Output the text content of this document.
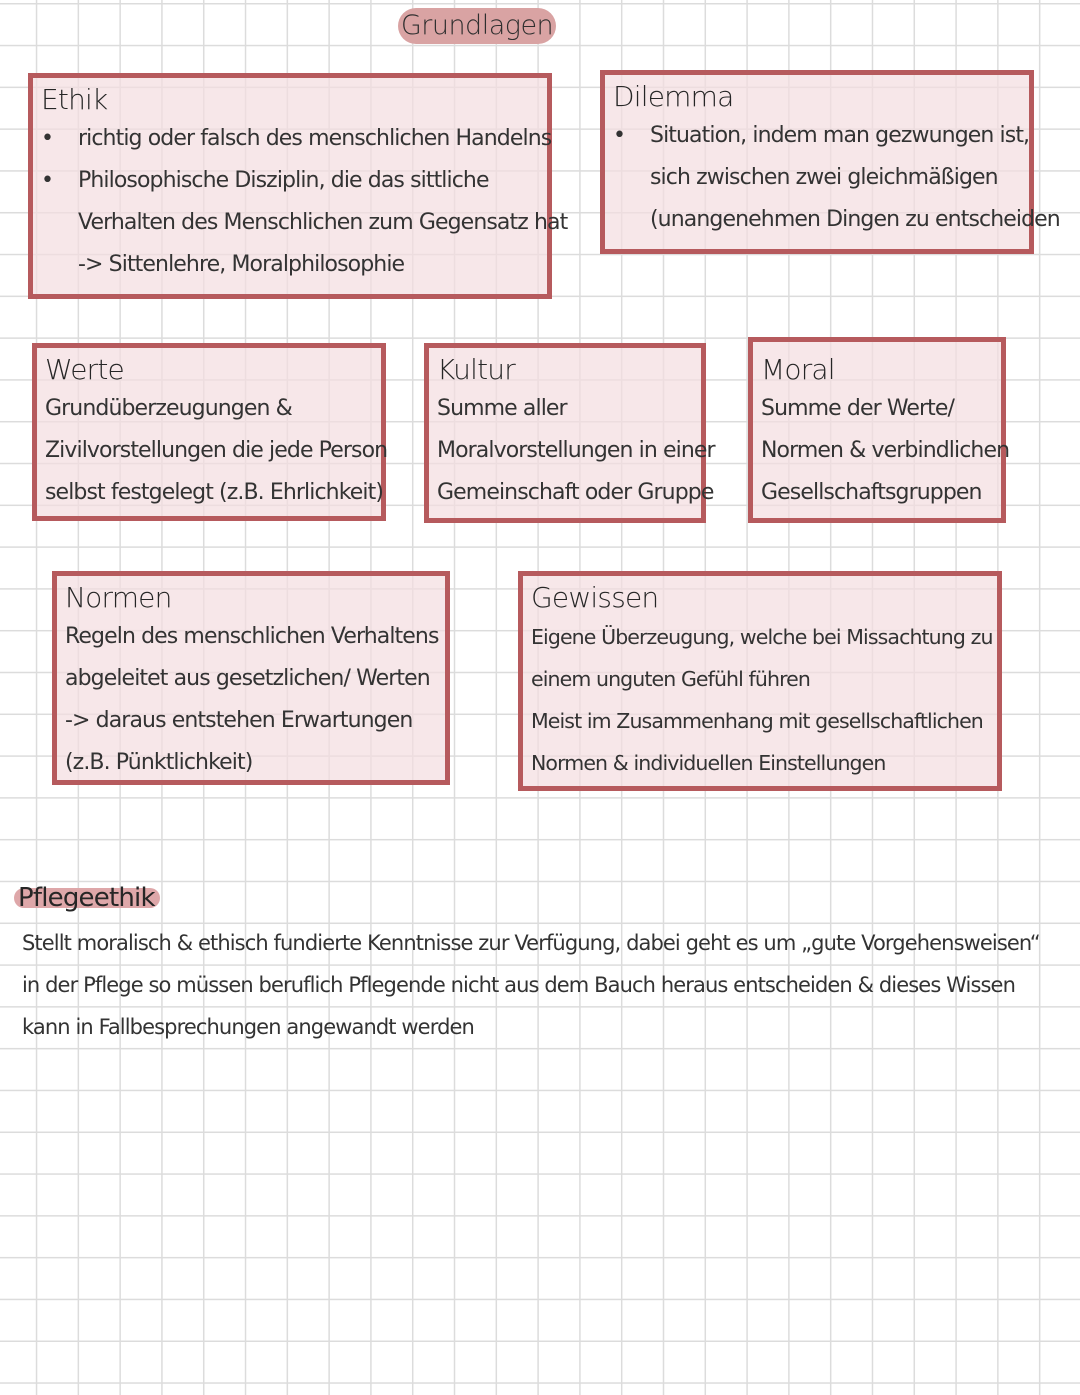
Grundlagen
Ethik
• richtig oder falsch des menschlichen Handelns
• Philosophische Disziplin, die das sittliche
Verhalten des Menschlichen zum Gegensatz hat
-> Sittenlehre, Moralphilosophie
Dilemma
• Situation, indem man gezwungen ist,
sich zwischen zwei gleichmäßigen
(unangenehmen Dingen zu entscheiden
Werte
Grundüberzeugungen &
Zivilvorstellungen die jede Person
selbst festgelegt (z.B. Ehrlichkeit)
Kultur
Summe aller
Moralvorstellungen in einer
Gemeinschaft oder Gruppe
Moral
Summe der Werte/
Normen & verbindlichen
Gesellschaftsgruppen
Normen
Regeln des menschlichen Verhaltens
abgeleitet aus gesetzlichen/ Werten
-> daraus entstehen Erwartungen
(z.B. Pünktlichkeit)
Gewissen
Eigene Überzeugung, welche bei Missachtung zu
einem unguten Gefühl führen
Meist im Zusammenhang mit gesellschaftlichen
Normen & individuellen Einstellungen
Pflegeethik
Stellt moralisch & ethisch fundierte Kenntnisse zur Verfügung, dabei geht es um „gute Vorgehensweisen“
in der Pflege so müssen beruflich Pflegende nicht aus dem Bauch heraus entscheiden & dieses Wissen
kann in Fallbesprechungen angewandt werden
